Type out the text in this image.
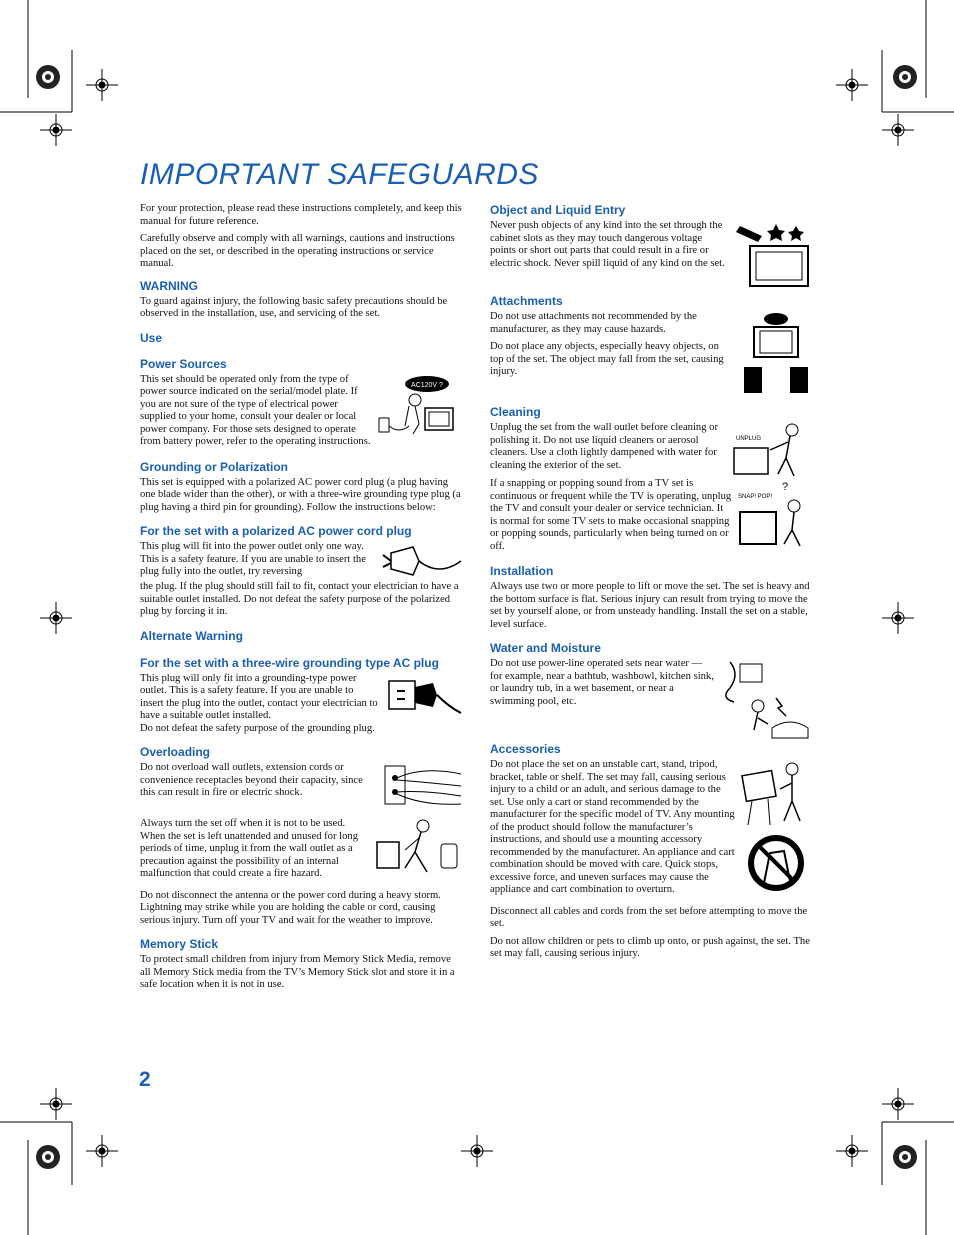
IMPORTANT SAFEGUARDS

For your protection, please read these instructions completely, and keep this manual for future reference.

Carefully observe and comply with all warnings, cautions and instructions placed on the set, or described in the operating instructions or service manual.

WARNING

To guard against injury, the following basic safety precautions should be observed in the installation, use, and servicing of the set.

Use
Power Sources

This set should be operated only from the type of power source indicated on the serial/model plate. If you are not sure of the type of electrical power supplied to your home, consult your dealer or local power company. For those sets designed to operate from battery power, refer to the operating instructions.

AC120V ?
Grounding or Polarization

This set is equipped with a polarized AC power cord plug (a plug having one blade wider than the other), or with a three-wire grounding type plug (a plug having a third pin for grounding). Follow the instructions below:

For the set with a polarized AC power cord plug

This plug will fit into the power outlet only one way. This is a safety feature. If you are unable to insert the plug fully into the outlet, try reversing

the plug. If the plug should still fail to fit, contact your electrician to have a suitable outlet installed. Do not defeat the safety purpose of the polarized plug by forcing it in.

Alternate Warning
For the set with a three-wire grounding type AC plug

This plug will only fit into a grounding-type power outlet. This is a safety feature. If you are unable to insert the plug into the outlet, contact your electrician to have a suitable outlet installed.

Do not defeat the safety purpose of the grounding plug.

Overloading

Do not overload wall outlets, extension cords or convenience receptacles beyond their capacity, since this can result in fire or electric shock.

Always turn the set off when it is not to be used. When the set is left unattended and unused for long periods of time, unplug it from the wall outlet as a precaution against the possibility of an internal malfunction that could create a fire hazard.

Do not disconnect the antenna or the power cord during a heavy storm. Lightning may strike while you are holding the cable or cord, causing serious injury. Turn off your TV and wait for the weather to improve.

Memory Stick

To protect small children from injury from Memory Stick Media, remove all Memory Stick media from the TV’s Memory Stick slot and store it in a safe location when it is not in use.

Object and Liquid Entry

Never push objects of any kind into the set through the cabinet slots as they may touch dangerous voltage points or short out parts that could result in a fire or electric shock. Never spill liquid of any kind on the set.

Attachments

Do not use attachments not recommended by the manufacturer, as they may cause hazards.

Do not place any objects, especially heavy objects, on top of the set. The object may fall from the set, causing injury.

Cleaning

Unplug the set from the wall outlet before cleaning or polishing it. Do not use liquid cleaners or aerosol cleaners. Use a cloth lightly dampened with water for cleaning the exterior of the set.

UNPLUG

If a snapping or popping sound from a TV set is continuous or frequent while the TV is operating, unplug the TV and consult your dealer or service technician. It is normal for some TV sets to make occasional snapping or popping sounds, particularly when being turned on or off.

SNAP! POP!
?
Installation

Always use two or more people to lift or move the set. The set is heavy and the bottom surface is flat. Serious injury can result from trying to move the set by yourself alone, or from unsteady handling. Install the set on a stable, level surface.

Water and Moisture

Do not use power-line operated sets near water — for example, near a bathtub, washbowl, kitchen sink, or laundry tub, in a wet basement, or near a swimming pool, etc.

Accessories

Do not place the set on an unstable cart, stand, tripod, bracket, table or shelf. The set may fall, causing serious injury to a child or an adult, and serious damage to the set. Use only a cart or stand recommended by the manufacturer for the specific model of TV. Any mounting of the product should follow the manufacturer’s instructions, and should use a mounting accessory recommended by the manufacturer. An appliance and cart combination should be moved with care. Quick stops, excessive force, and uneven surfaces may cause the appliance and cart combination to overturn.

Disconnect all cables and cords from the set before attempting to move the set.

Do not allow children or pets to climb up onto, or push against, the set. The set may fall, causing serious injury.

2
